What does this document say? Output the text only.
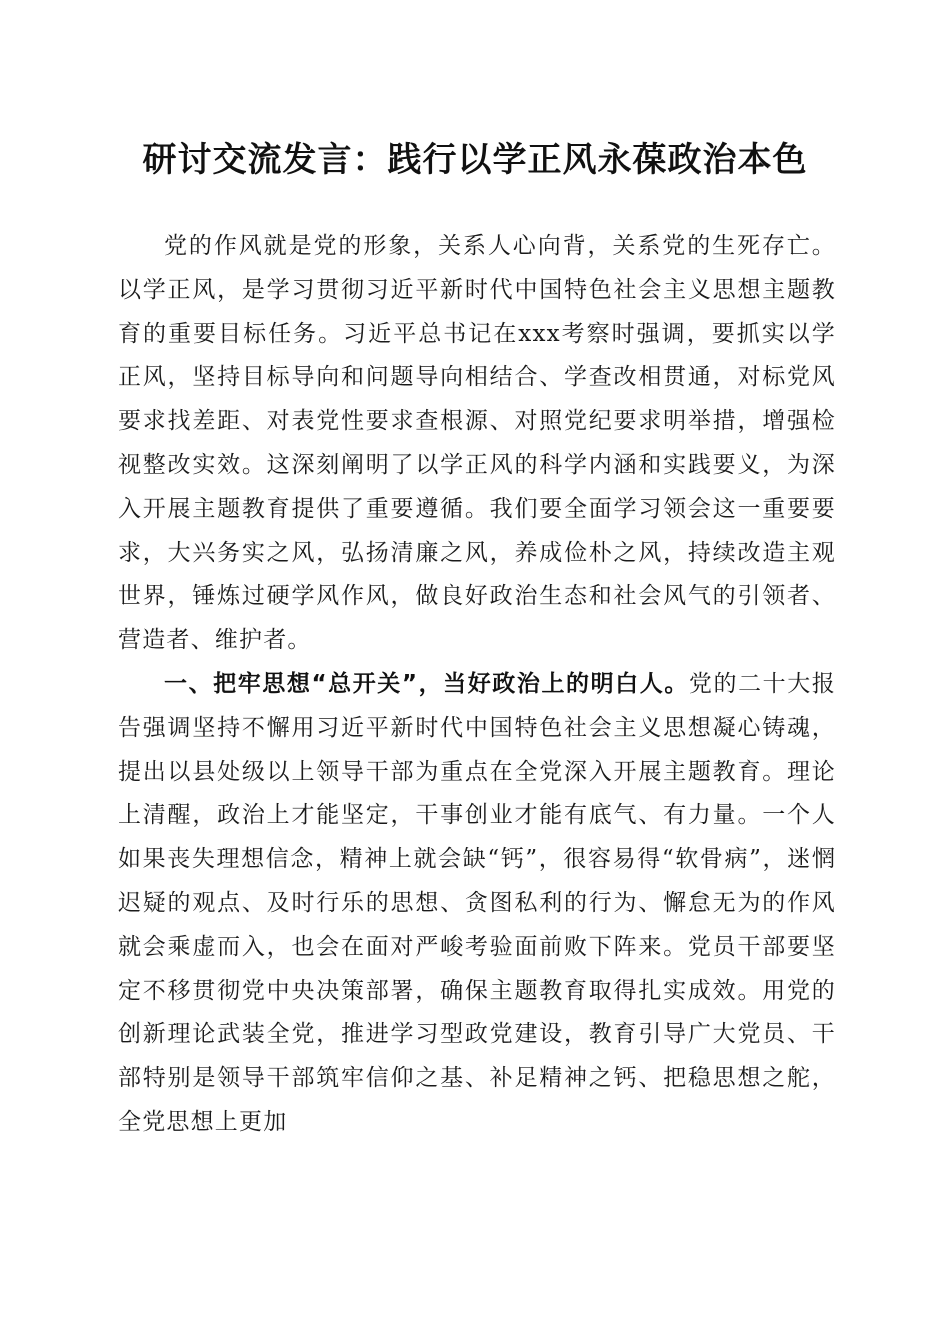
研讨交流发言：践行以学正风永葆政治本色

党的作风就是党的形象，关系人心向背，关系党的生死存亡。以学正风，是学习贯彻习近平新时代中国特色社会主义思想主题教育的重要目标任务。习近平总书记在xxx考察时强调，要抓实以学正风，坚持目标导向和问题导向相结合、学查改相贯通，对标党风要求找差距、对表党性要求查根源、对照党纪要求明举措，增强检视整改实效。这深刻阐明了以学正风的科学内涵和实践要义，为深入开展主题教育提供了重要遵循。我们要全面学习领会这一重要要求，大兴务实之风，弘扬清廉之风，养成俭朴之风，持续改造主观世界，锤炼过硬学风作风，做良好政治生态和社会风气的引领者、营造者、维护者。

一、把牢思想“总开关”，当好政治上的明白人。党的二十大报告强调坚持不懈用习近平新时代中国特色社会主义思想凝心铸魂，提出以县处级以上领导干部为重点在全党深入开展主题教育。理论上清醒，政治上才能坚定，干事创业才能有底气、有力量。一个人如果丧失理想信念，精神上就会缺“钙”，很容易得“软骨病”，迷惘迟疑的观点、及时行乐的思想、贪图私利的行为、懈怠无为的作风就会乘虚而入，也会在面对严峻考验面前败下阵来。党员干部要坚定不移贯彻党中央决策部署，确保主题教育取得扎实成效。用党的创新理论武装全党，推进学习型政党建设，教育引导广大党员、干部特别是领导干部筑牢信仰之基、补足精神之钙、把稳思想之舵，全党思想上更加
